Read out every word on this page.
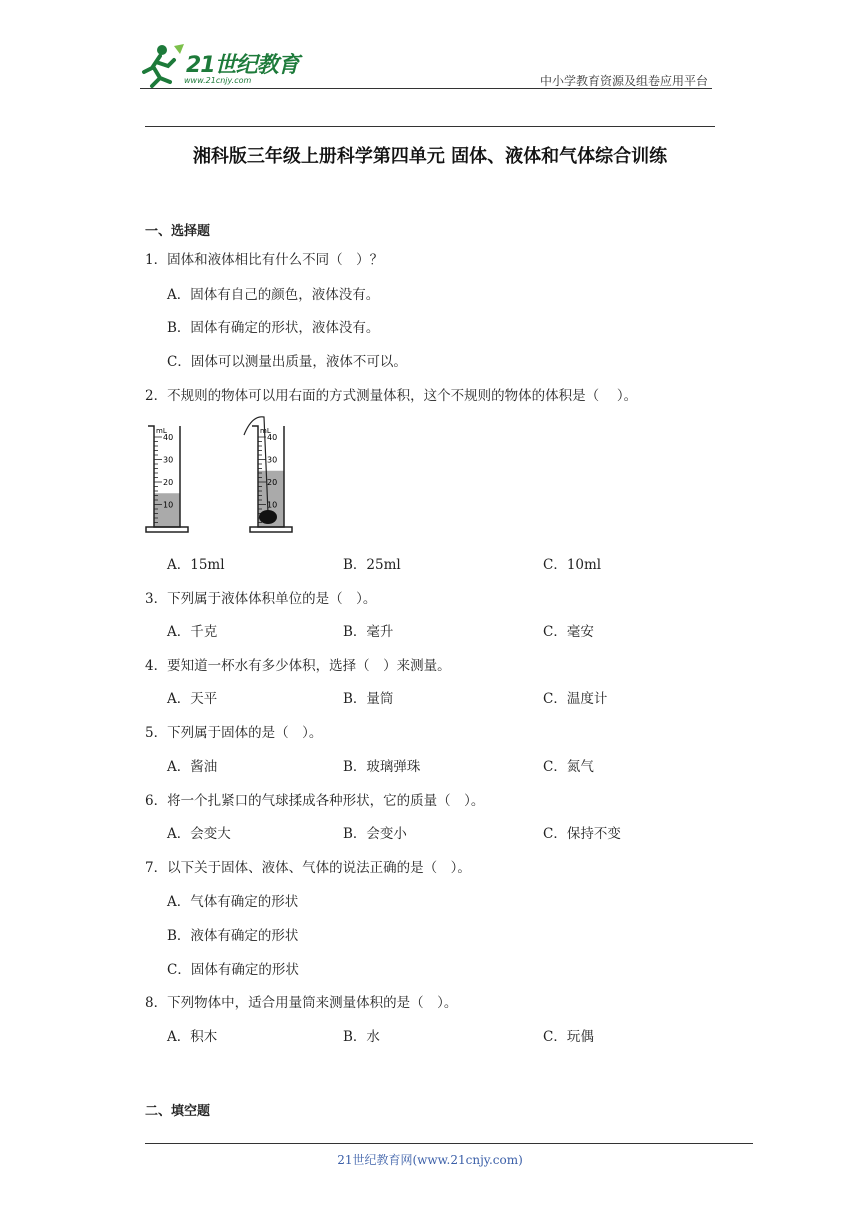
21世纪教育
www.21cnjy.com	中小学教育资源及组卷应用平台
湘科版三年级上册科学第四单元 固体、液体和气体综合训练
一、选择题
1．固体和液体相比有什么不同（　）？
A．固体有自己的颜色，液体没有。
B．固体有确定的形状，液体没有。
C．固体可以测量出质量，液体不可以。
2．不规则的物体可以用右面的方式测量体积，这个不规则的物体的体积是（　 ）。
mL
40
30
20
10
mL
40
30
20
10
A．15ml	B．25ml	C．10ml
3．下列属于液体体积单位的是（　）。
A．千克	B．毫升	C．毫安
4．要知道一杯水有多少体积，选择（　）来测量。
A．天平	B．量筒	C．温度计
5．下列属于固体的是（　）。
A．酱油	B．玻璃弹珠	C．氮气
6．将一个扎紧口的气球揉成各种形状，它的质量（　）。
A．会变大	B．会变小	C．保持不变
7．以下关于固体、液体、气体的说法正确的是（　）。
A．气体有确定的形状
B．液体有确定的形状
C．固体有确定的形状
8．下列物体中，适合用量筒来测量体积的是（　）。
A．积木	B．水	C．玩偶
二、填空题
21世纪教育网(www.21cnjy.com)
